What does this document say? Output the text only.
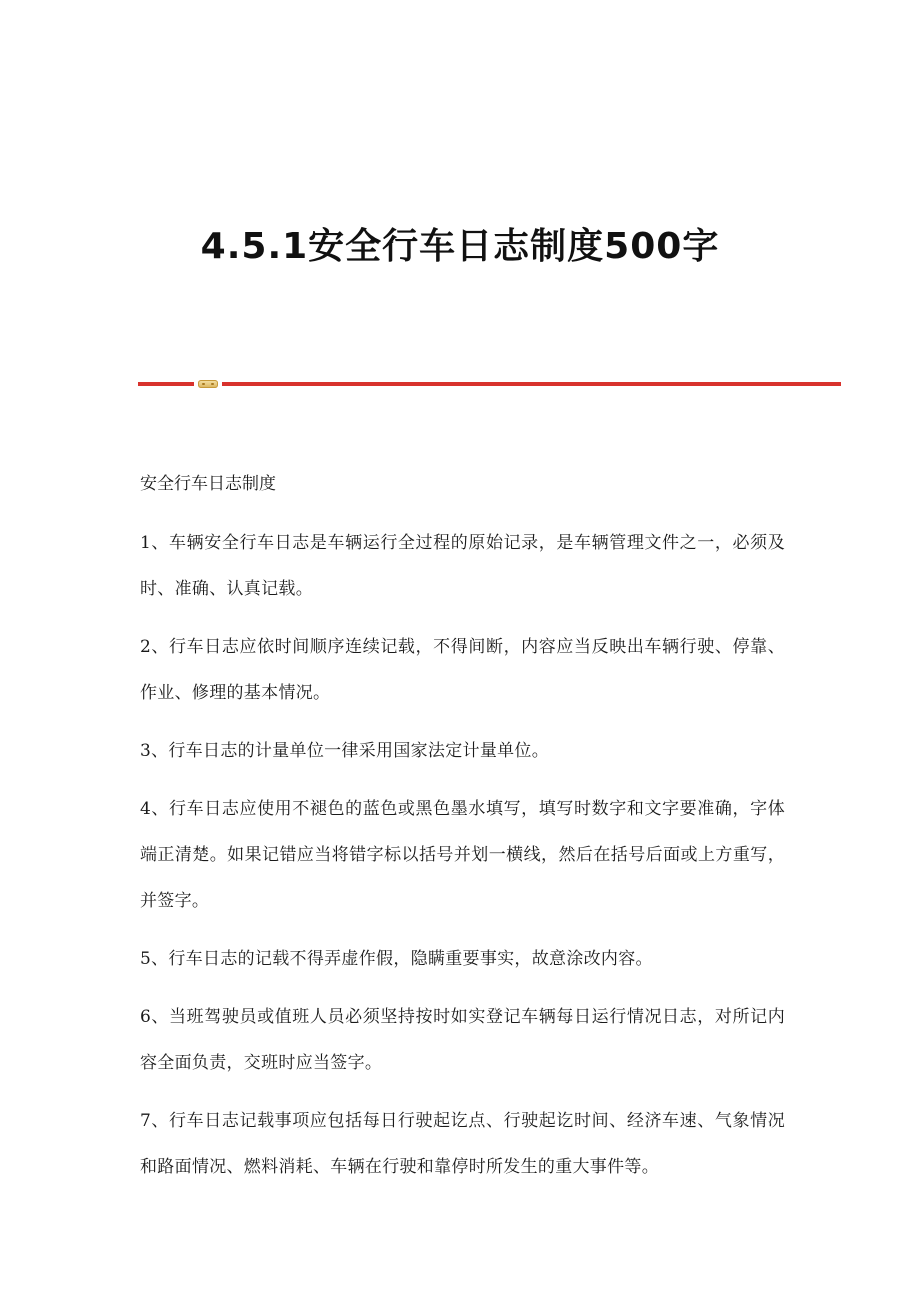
4.5.1安全行车日志制度500字

安全行车日志制度

1、车辆安全行车日志是车辆运行全过程的原始记录，是车辆管理文件之一，必须及时、准确、认真记载。

2、行车日志应依时间顺序连续记载，不得间断，内容应当反映出车辆行驶、停靠、作业、修理的基本情况。

3、行车日志的计量单位一律采用国家法定计量单位。

4、行车日志应使用不褪色的蓝色或黑色墨水填写，填写时数字和文字要准确，字体端正清楚。如果记错应当将错字标以括号并划一横线，然后在括号后面或上方重写，并签字。

5、行车日志的记载不得弄虚作假，隐瞒重要事实，故意涂改内容。

6、当班驾驶员或值班人员必须坚持按时如实登记车辆每日运行情况日志，对所记内容全面负责，交班时应当签字。

7、行车日志记载事项应包括每日行驶起讫点、行驶起讫时间、经济车速、气象情况和路面情况、燃料消耗、车辆在行驶和靠停时所发生的重大事件等。
